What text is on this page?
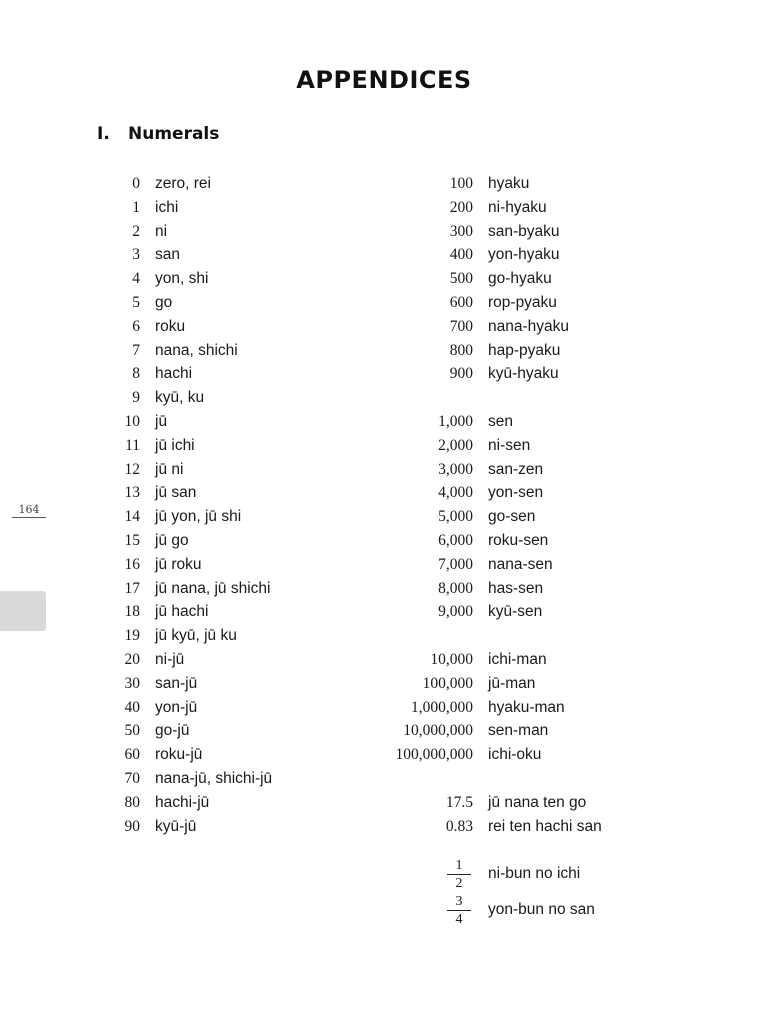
APPENDICES
I. Numerals
164
0 zero, rei
1 ichi
2 ni
3 san
4 yon, shi
5 go
6 roku
7 nana, shichi
8 hachi
9 kyū, ku
10 jū
11 jū ichi
12 jū ni
13 jū san
14 jū yon, jū shi
15 jū go
16 jū roku
17 jū nana, jū shichi
18 jū hachi
19 jū kyū, jū ku
20 ni-jū
30 san-jū
40 yon-jū
50 go-jū
60 roku-jū
70 nana-jū, shichi-jū
80 hachi-jū
90 kyū-jū
100 hyaku
200 ni-hyaku
300 san-byaku
400 yon-hyaku
500 go-hyaku
600 rop-pyaku
700 nana-hyaku
800 hap-pyaku
900 kyū-hyaku
1,000 sen
2,000 ni-sen
3,000 san-zen
4,000 yon-sen
5,000 go-sen
6,000 roku-sen
7,000 nana-sen
8,000 has-sen
9,000 kyū-sen
10,000 ichi-man
100,000 jū-man
1,000,000 hyaku-man
10,000,000 sen-man
100,000,000 ichi-oku
17.5 jū nana ten go
0.83 rei ten hachi san
$\frac{1}{2} ni-bun$ no ichi
$\frac{3}{4} yon-bun$ no san
